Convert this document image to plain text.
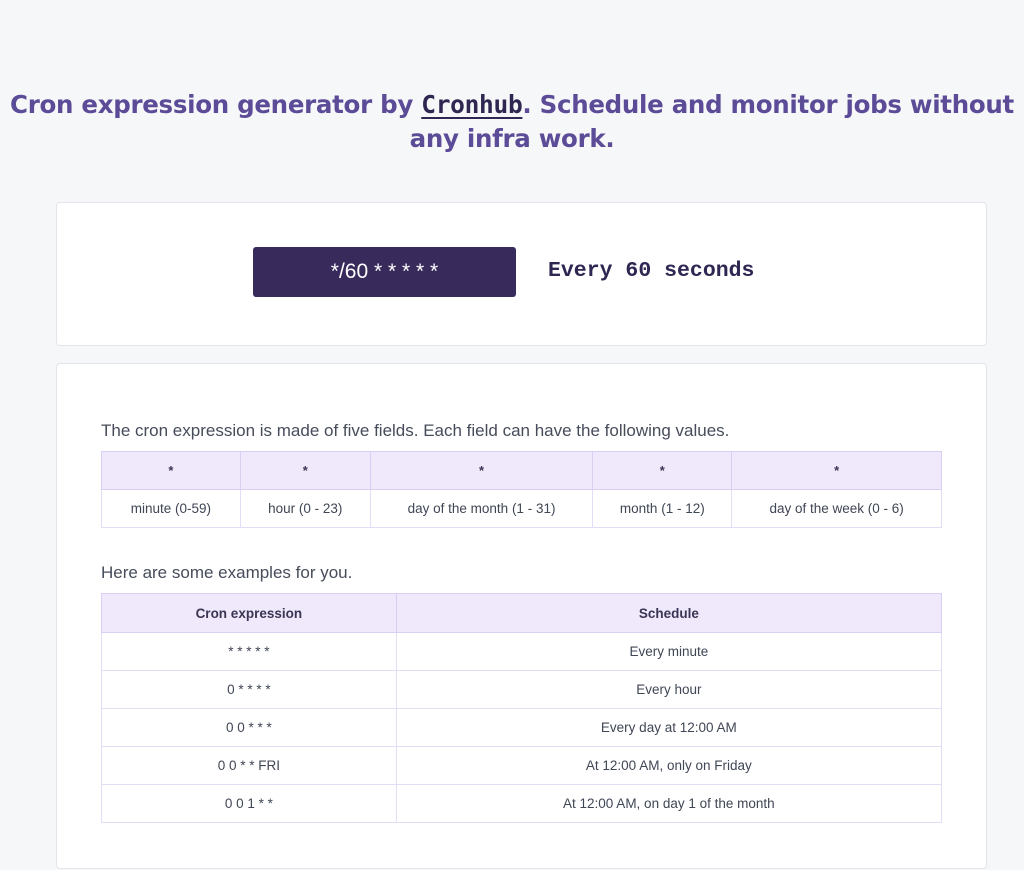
Cron expression generator by Cronhub. Schedule and monitor jobs without any infra work.
*/60 * * * * *
Every 60 seconds
The cron expression is made of five fields. Each field can have the following values.
*	*	*	*	*
minute (0-59)	hour (0 - 23)	day of the month (1 - 31)	month (1 - 12)	day of the week (0 - 6)
Here are some examples for you.
Cron expression	Schedule
* * * * *	Every minute
0 * * * *	Every hour
0 0 * * *	Every day at 12:00 AM
0 0 * * FRI	At 12:00 AM, only on Friday
0 0 1 * *	At 12:00 AM, on day 1 of the month
